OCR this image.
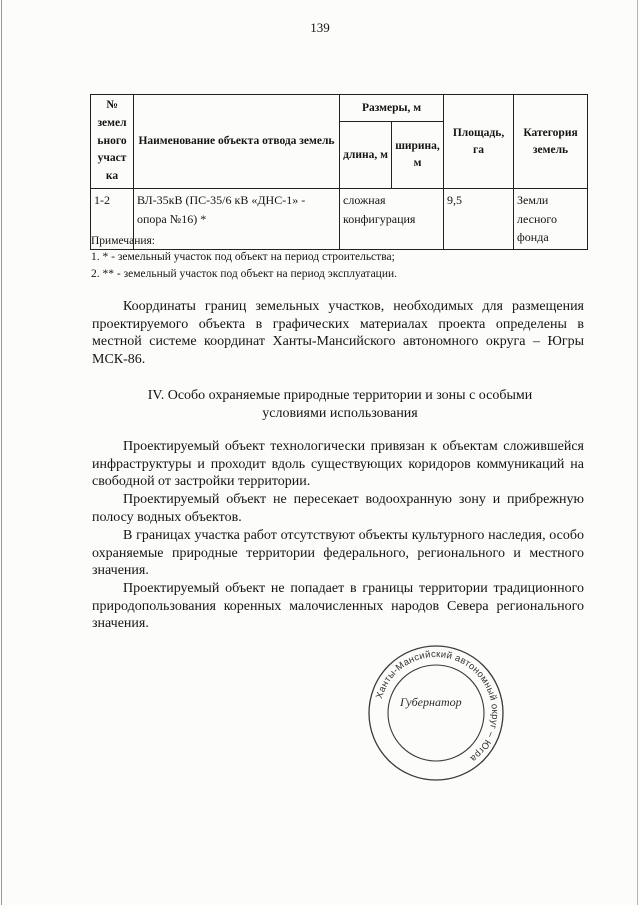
139
№
земел
ьного
участ
ка	Наименование объекта отвода земель	Размеры, м		Площадь, га	Категория земель
		длина, м	ширина, м		
1-2	ВЛ-35кВ (ПС-35/6 кВ «ДНС-1» - опора №16) *	сложная конфигурация		9,5	Земли лесного фонда
Примечания:
1. * - земельный участок под объект на период строительства;
2. ** - земельный участок под объект на период эксплуатации.
Координаты границ земельных участков, необходимых для размещения проектируемого объекта в графических материалах проекта определены в местной системе координат Ханты-Мансийского автономного округа – Югры МСК-86.
IV. Особо охраняемые природные территории и зоны с особыми условиями использования
Проектируемый объект технологически привязан к объектам сложившейся инфраструктуры и проходит вдоль существующих коридоров коммуникаций на свободной от застройки территории.
Проектируемый объект не пересекает водоохранную зону и прибрежную полосу водных объектов.
В границах участка работ отсутствуют объекты культурного наследия, особо охраняемые природные территории федерального, регионального и местного значения.
Проектируемый объект не попадает в границы территории традиционного природопользования коренных малочисленных народов Севера регионального значения.
Ханты-Мансийский автономный округ – Югра
Губернатор
